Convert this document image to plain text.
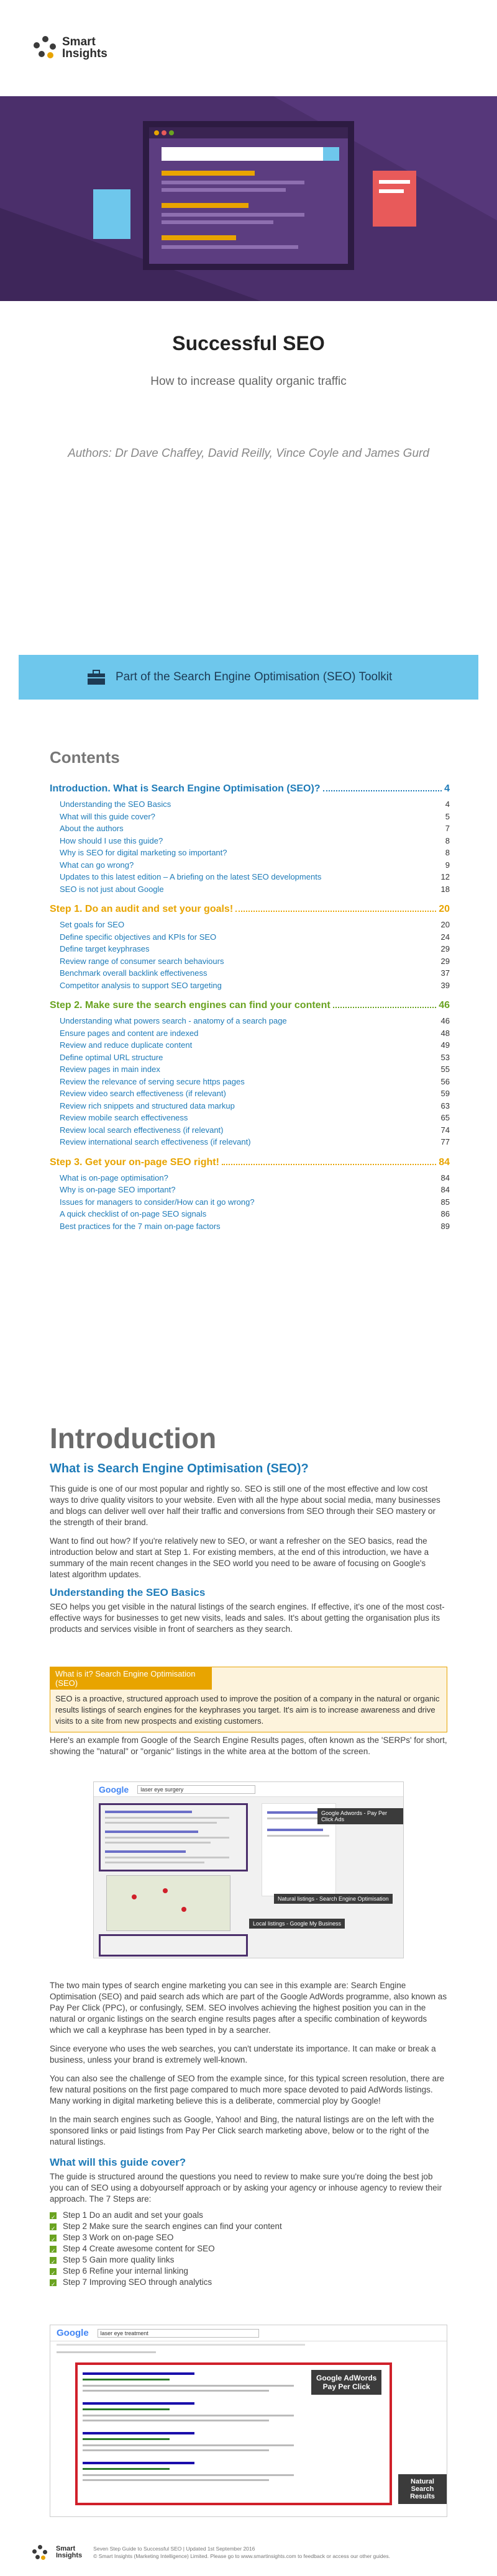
Smart
Insights
Successful SEO
How to increase quality organic traffic
Authors: Dr Dave Chaffey, David Reilly, Vince Coyle and James Gurd
Part of the Search Engine Optimisation (SEO) Toolkit
Contents
Introduction. What is Search Engine Optimisation (SEO)?	4
Understanding the SEO Basics	4
What will this guide cover?	5
About the authors	7
How should I use this guide?	8
Why is SEO for digital marketing so important?	8
What can go wrong?	9
Updates to this latest edition – A briefing on the latest SEO developments	12
SEO is not just about Google	18
Step 1. Do an audit and set your goals!	20
Set goals for SEO	20
Define specific objectives and KPIs for SEO	24
Define target keyphrases	29
Review range of consumer search behaviours	29
Benchmark overall backlink effectiveness	37
Competitor analysis to support SEO targeting	39
Step 2. Make sure the search engines can find your content	46
Understanding what powers search - anatomy of a search page	46
Ensure pages and content are indexed	48
Review and reduce duplicate content	49
Define optimal URL structure	53
Review pages in main index	55
Review the relevance of serving secure https pages	56
Review video search effectiveness (if relevant)	59
Review rich snippets and structured data markup	63
Review mobile search effectiveness	65
Review local search effectiveness (if relevant)	74
Review international search effectiveness (if relevant)	77
Step 3. Get your on-page SEO right!	84
What is on-page optimisation?	84
Why is on-page SEO important?	84
Issues for managers to consider/How can it go wrong?	85
A quick checklist of on-page SEO signals	86
Best practices for the 7 main on-page factors	89
Introduction
What is Search Engine Optimisation (SEO)?
This guide is one of our most popular and rightly so. SEO is still one of the most effective and low cost ways to drive quality visitors to your website. Even with all the hype about social media, many businesses and blogs can deliver well over half their traffic and conversions from SEO through their SEO mastery or the strength of their brand.
Want to find out how? If you're relatively new to SEO, or want a refresher on the SEO basics, read the introduction below and start at Step 1. For existing members, at the end of this introduction, we have a summary of the main recent changes in the SEO world you need to be aware of focusing on Google's latest algorithm updates.
Understanding the SEO Basics
SEO helps you get visible in the natural listings of the search engines. If effective, it's one of the most cost-effective ways for businesses to get new visits, leads and sales. It's about getting the organisation plus its products and services visible in front of searchers as they search.
What is it? Search Engine Optimisation (SEO)
SEO is a proactive, structured approach used to improve the position of a company in the natural or organic results listings of search engines for the keyphrases you target. It's aim is to increase awareness and drive visits to a site from new prospects and existing customers.
Here's an example from Google of the Search Engine Results pages, often known as the 'SERPs' for short, showing the "natural" or "organic" listings in the white area at the bottom of the screen.
Google	laser eye surgery
Google Adwords - Pay Per Click Ads
Local listings - Google My Business
Natural listings - Search Engine Optimisation
The two main types of search engine marketing you can see in this example are: Search Engine Optimisation (SEO) and paid search ads which are part of the Google AdWords programme, also known as Pay Per Click (PPC), or confusingly, SEM. SEO involves achieving the highest position you can in the natural or organic listings on the search engine results pages after a specific combination of keywords which we call a keyphrase has been typed in by a searcher.
Since everyone who uses the web searches, you can't understate its importance. It can make or break a business, unless your brand is extremely well-known.
You can also see the challenge of SEO from the example since, for this typical screen resolution, there are few natural positions on the first page compared to much more space devoted to paid AdWords listings. Many working in digital marketing believe this is a deliberate, commercial ploy by Google!
In the main search engines such as Google, Yahoo! and Bing, the natural listings are on the left with the sponsored links or paid listings from Pay Per Click search marketing above, below or to the right of the natural listings.
What will this guide cover?
The guide is structured around the questions you need to review to make sure you're doing the best job you can of SEO using a dobyourself approach or by asking your agency or inhouse agency to review their approach. The 7 Steps are:
✓
Step 1 Do an audit and set your goals
✓
Step 2 Make sure the search engines can find your content
✓
Step 3 Work on on-page SEO
✓
Step 4 Create awesome content for SEO
✓
Step 5 Gain more quality links
✓
Step 6 Refine your internal linking
✓
Step 7 Improving SEO through analytics
Google	laser eye treatment
Google AdWords
Pay Per Click
Natural
Search Results
Smart
Insights
Seven Step Guide to Successful SEO | Updated 1st September 2016
© Smart Insights (Marketing Intelligence) Limited. Please go to www.smartinsights.com to feedback or access our other guides.
